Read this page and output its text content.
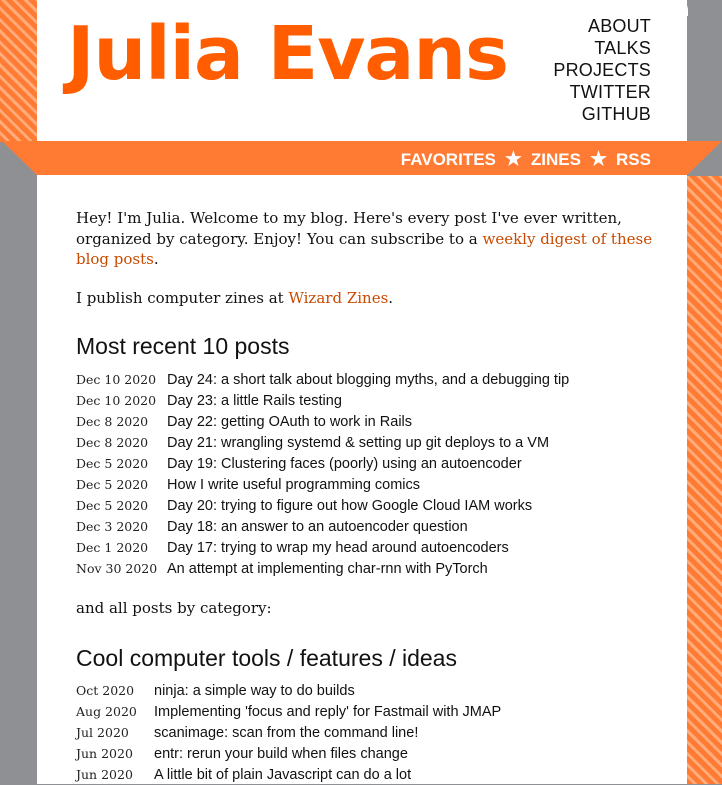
Julia Evans	ABOUT
TALKS
PROJECTS
TWITTER
GITHUB
FAVORITES ★ ZINES ★ RSS

Hey! I'm Julia. Welcome to my blog. Here's every post I've ever written, organized by category. Enjoy! You can subscribe to a weekly digest of these blog posts.

I publish computer zines at Wizard Zines.

Most recent 10 posts
Dec 10 2020 Day 24: a short talk about blogging myths, and a debugging tip
Dec 10 2020 Day 23: a little Rails testing
Dec 8 2020	Day 22: getting OAuth to work in Rails
Dec 8 2020	Day 21: wrangling systemd & setting up git deploys to a VM
Dec 5 2020	Day 19: Clustering faces (poorly) using an autoencoder
Dec 5 2020	How I write useful programming comics
Dec 5 2020	Day 20: trying to figure out how Google Cloud IAM works
Dec 3 2020	Day 18: an answer to an autoencoder question
Dec 1 2020	Day 17: trying to wrap my head around autoencoders
Nov 30 2020 An attempt at implementing char-rnn with PyTorch

and all posts by category:

Cool computer tools / features / ideas
Oct 2020	ninja: a simple way to do builds
Aug 2020	Implementing 'focus and reply' for Fastmail with JMAP
Jul 2020	scanimage: scan from the command line!
Jun 2020	entr: rerun your build when files change
Jun 2020	A little bit of plain Javascript can do a lot
